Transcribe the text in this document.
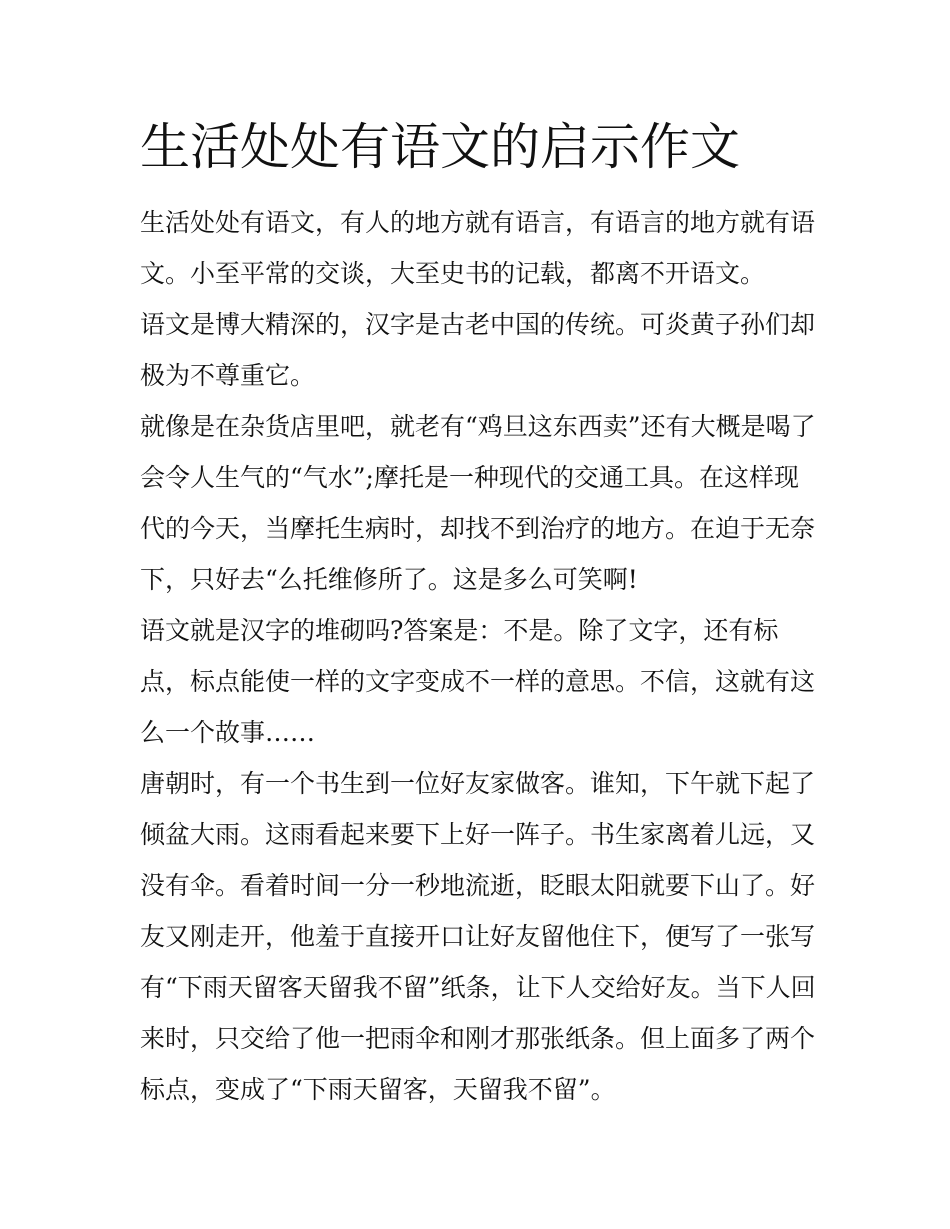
生活处处有语文的启示作文

生活处处有语文，有人的地方就有语言，有语言的地方就有语
文。小至平常的交谈，大至史书的记载，都离不开语文。

语文是博大精深的，汉字是古老中国的传统。可炎黄子孙们却
极为不尊重它。

就像是在杂货店里吧，就老有“鸡旦这东西卖”还有大概是喝了
会令人生气的“气水”;摩托是一种现代的交通工具。在这样现
代的今天，当摩托生病时，却找不到治疗的地方。在迫于无奈
下，只好去“么托维修所了。这是多么可笑啊!

语文就是汉字的堆砌吗?答案是：不是。除了文字，还有标
点，标点能使一样的文字变成不一样的意思。不信，这就有这
么一个故事……

唐朝时，有一个书生到一位好友家做客。谁知，下午就下起了
倾盆大雨。这雨看起来要下上好一阵子。书生家离着儿远，又
没有伞。看着时间一分一秒地流逝，眨眼太阳就要下山了。好
友又刚走开，他羞于直接开口让好友留他住下，便写了一张写
有“下雨天留客天留我不留”纸条，让下人交给好友。当下人回
来时，只交给了他一把雨伞和刚才那张纸条。但上面多了两个
标点，变成了“下雨天留客，天留我不留”。
